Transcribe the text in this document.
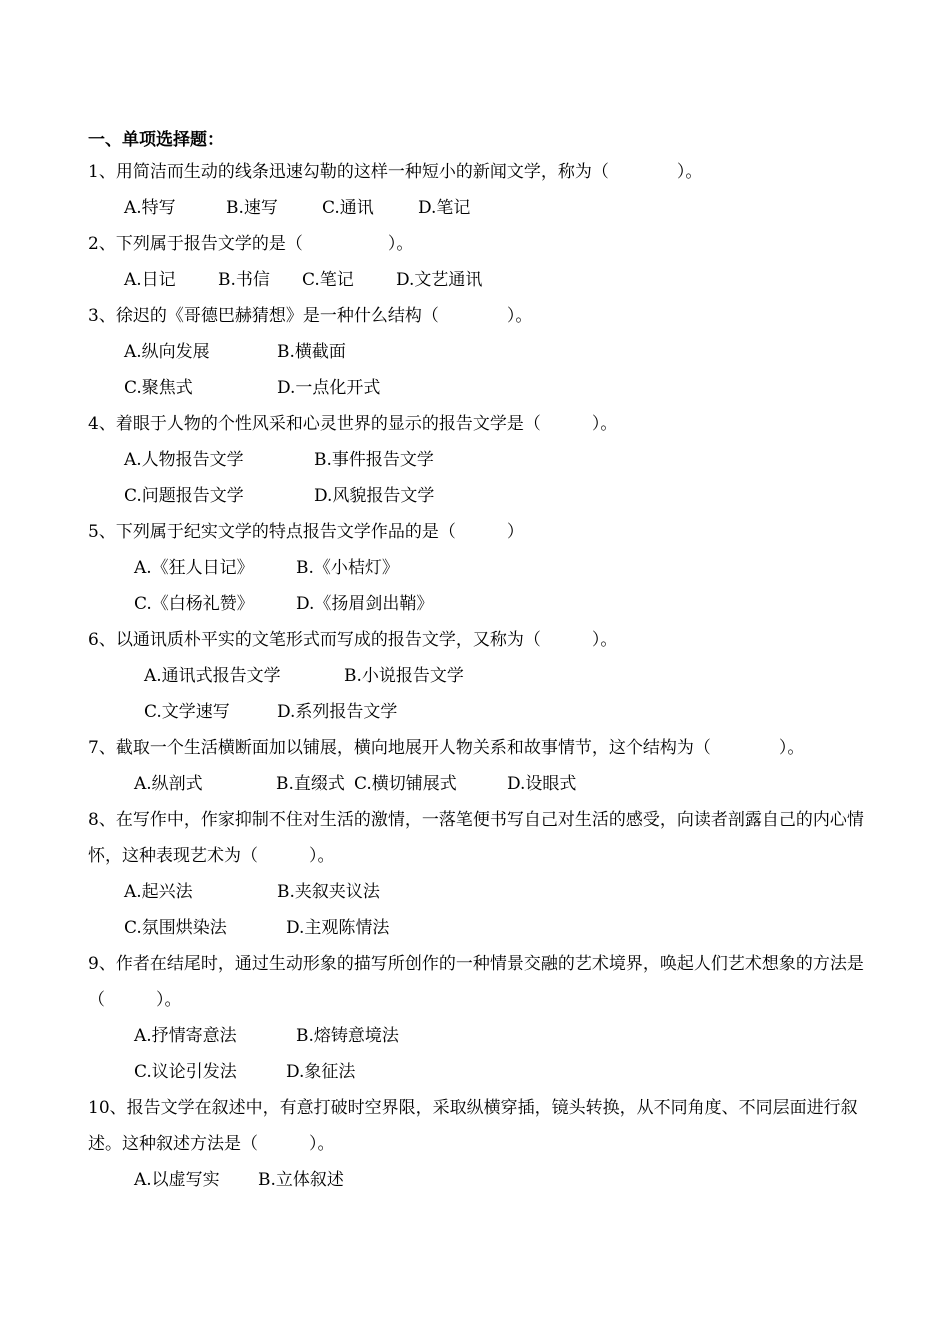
一、单项选择题：
1、用简洁而生动的线条迅速勾勒的这样一种短小的新闻文学，称为（　　　　）。
A.特写	B.速写	C.通讯	D.笔记
2、下列属于报告文学的是（　　　　　）。
A.日记	B.书信	C.笔记	D.文艺通讯
3、徐迟的《哥德巴赫猜想》是一种什么结构（　　　　）。
A.纵向发展	B.横截面
C.聚焦式	D.一点化开式
4、着眼于人物的个性风采和心灵世界的显示的报告文学是（　　　）。
A.人物报告文学	B.事件报告文学
C.问题报告文学	D.风貌报告文学
5、下列属于纪实文学的特点报告文学作品的是（　　　）
A.《狂人日记》	B.《小桔灯》
C.《白杨礼赞》	D.《扬眉剑出鞘》
6、以通讯质朴平实的文笔形式而写成的报告文学，又称为（　　　）。
A.通讯式报告文学	B.小说报告文学
C.文学速写	D.系列报告文学
7、截取一个生活横断面加以铺展，横向地展开人物关系和故事情节，这个结构为（　　　　）。
A.纵剖式	B.直缀式 C.横切铺展式	D.设眼式
8、在写作中，作家抑制不住对生活的激情，一落笔便书写自己对生活的感受，向读者剖露自己的内心情怀，这种表现艺术为（　　　）。
A.起兴法	B.夹叙夹议法
C.氛围烘染法	D.主观陈情法
9、作者在结尾时，通过生动形象的描写所创作的一种情景交融的艺术境界，唤起人们艺术想象的方法是（　　　）。
A.抒情寄意法	B.熔铸意境法
C.议论引发法	D.象征法
10、报告文学在叙述中，有意打破时空界限，采取纵横穿插，镜头转换，从不同角度、不同层面进行叙述。这种叙述方法是（　　　）。
A.以虚写实	B.立体叙述
